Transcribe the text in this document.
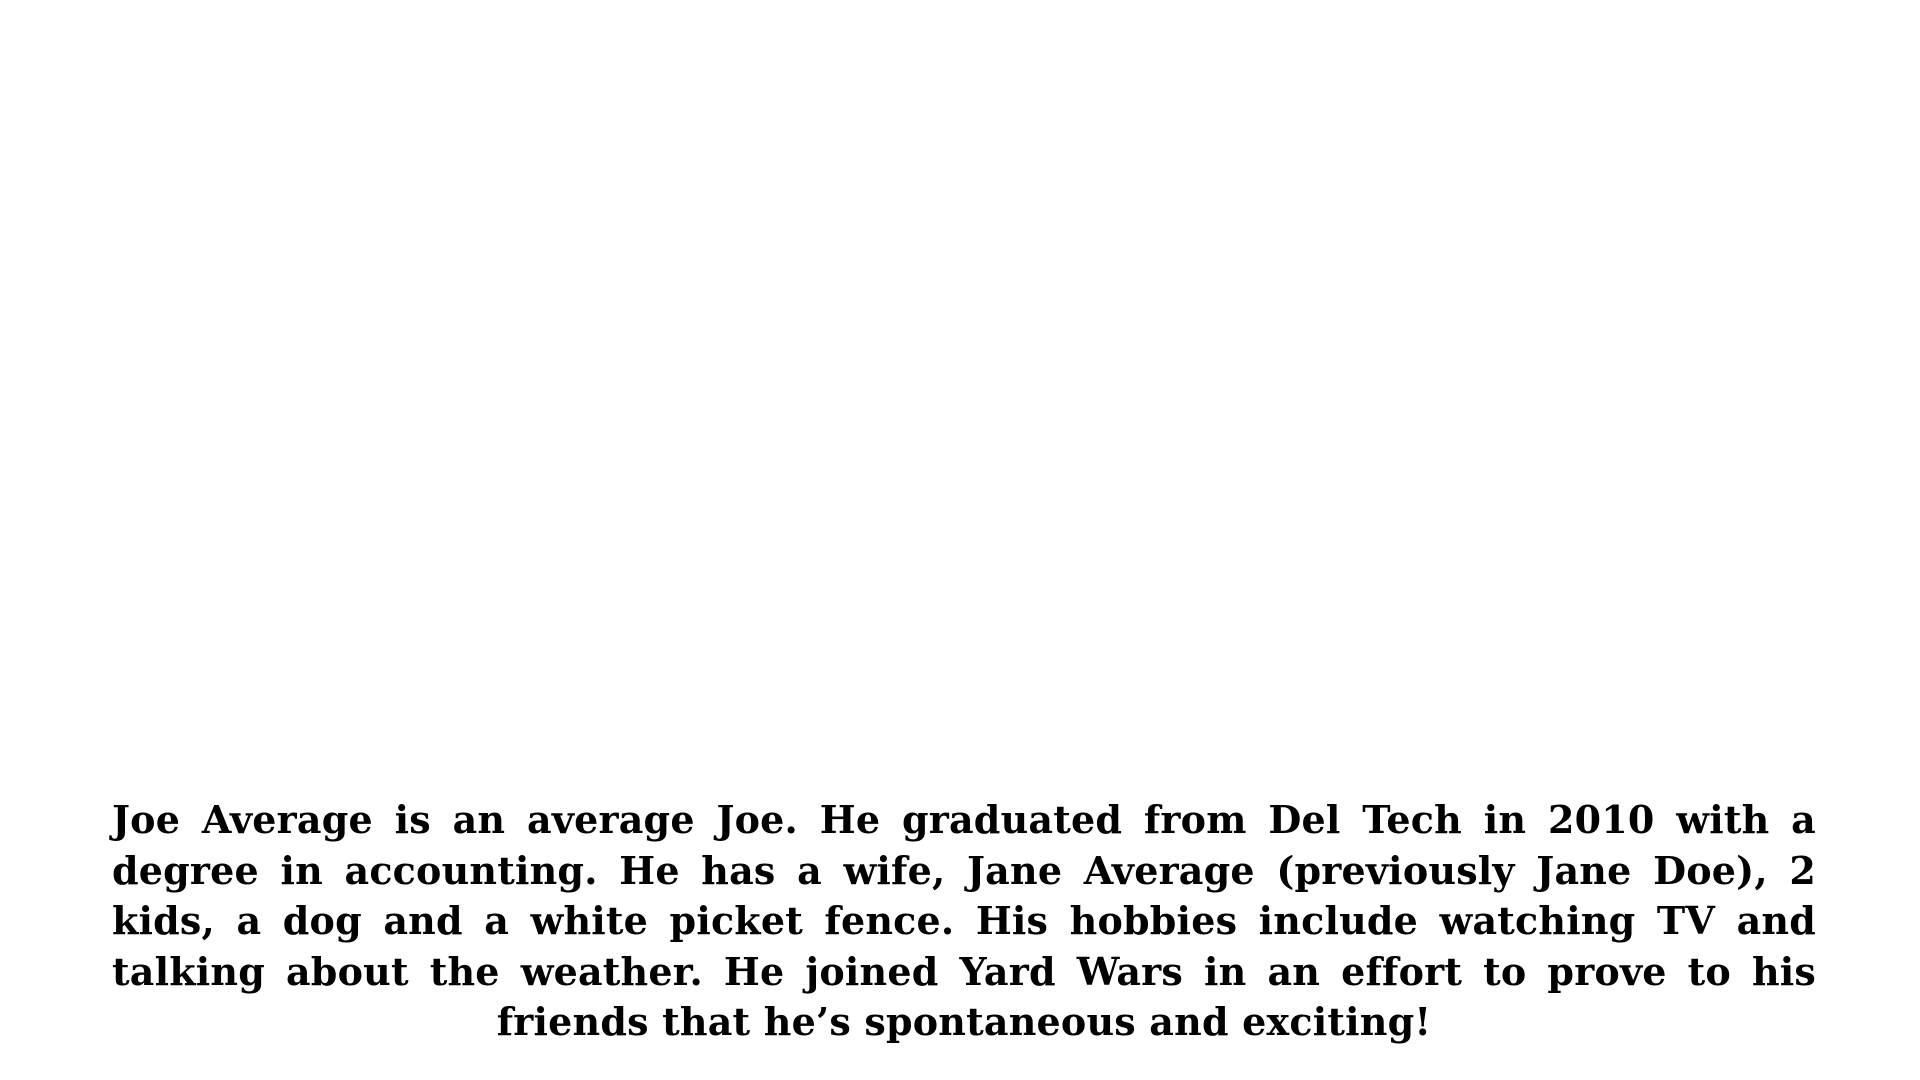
Joe Average is an average Joe. He graduated from Del Tech in 2010 with a degree in accounting. He has a wife, Jane Average (previously Jane Doe), 2 kids, a dog and a white picket fence. His hobbies include watching TV and talking about the weather. He joined Yard Wars in an effort to prove to his friends that he’s spontaneous and exciting!
